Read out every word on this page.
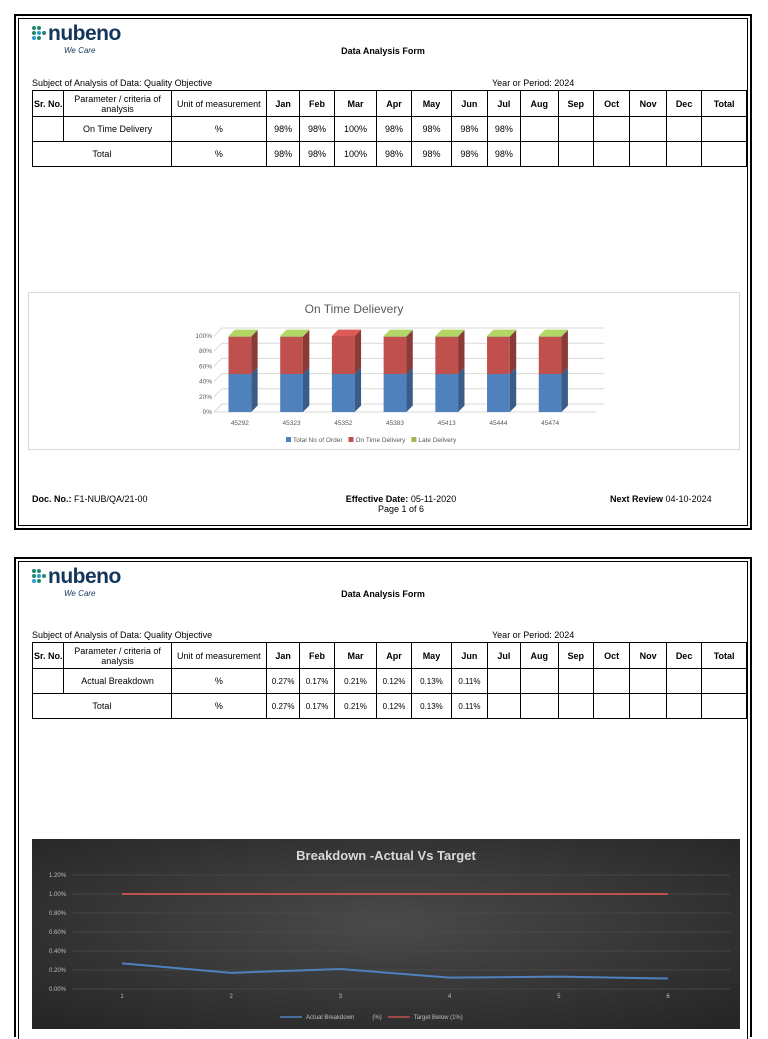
nubeno
We Care	Data Analysis Form
Subject of Analysis of Data: Quality Objective	Year or Period: 2024
Sr. No.	Parameter / criteria of analysis	Unit of measurement	Jan	Feb	Mar	Apr	May	Jun	Jul	Aug	Sep	Oct	Nov	Dec	Total
	On Time Delivery	%	98%	98%	100%	98%	98%	98%	98%						
Total		%	98%	98%	100%	98%	98%	98%	98%						
On Time Delievery
0%
20%
40%
60%
80%
100%
45292	45323	45352	45383	45413	45444	45474
Total No of Order On Time Delivery Late Deilvery
Doc. No.: F1-NUB/QA/21-00	Effective Date: 05-11-2020
Page 1 of 6
Next Review 04-10-2024
nubeno
We Care	Data Analysis Form
Subject of Analysis of Data: Quality Objective	Year or Period: 2024
Sr. No.	Parameter / criteria of analysis	Unit of measurement	Jan	Feb	Mar	Apr	May	Jun	Jul	Aug	Sep	Oct	Nov	Dec	Total
	Actual Breakdown	%	0.27%	0.17%	0.21%	0.12%	0.13%	0.11%							
Total		%	0.27%	0.17%	0.21%	0.12%	0.13%	0.11%							
Breakdown -Actual Vs Target
0.00%
0.20%
0.40%
0.60%
0.80%
1.00%
1.20%
1	2	3	4	5	6
Actual Breakdown	(%)	Target Below (1%)
